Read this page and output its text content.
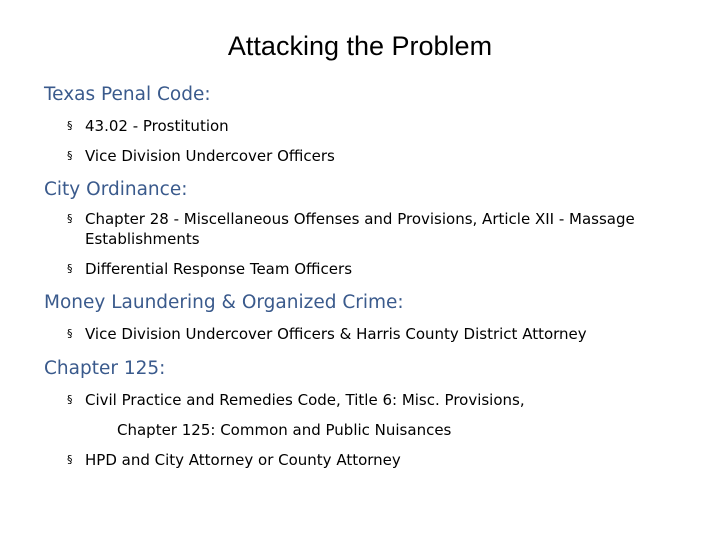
Attacking the Problem
Texas Penal Code:
§ 43.02 - Prostitution
§ Vice Division Undercover Officers
City Ordinance:
§ Chapter 28 - Miscellaneous Offenses and Provisions, Article XII - Massage Establishments
§ Differential Response Team Officers
Money Laundering & Organized Crime:
§ Vice Division Undercover Officers & Harris County District Attorney
Chapter 125:
§ Civil Practice and Remedies Code, Title 6: Misc. Provisions,
Chapter 125: Common and Public Nuisances
§ HPD and City Attorney or County Attorney
